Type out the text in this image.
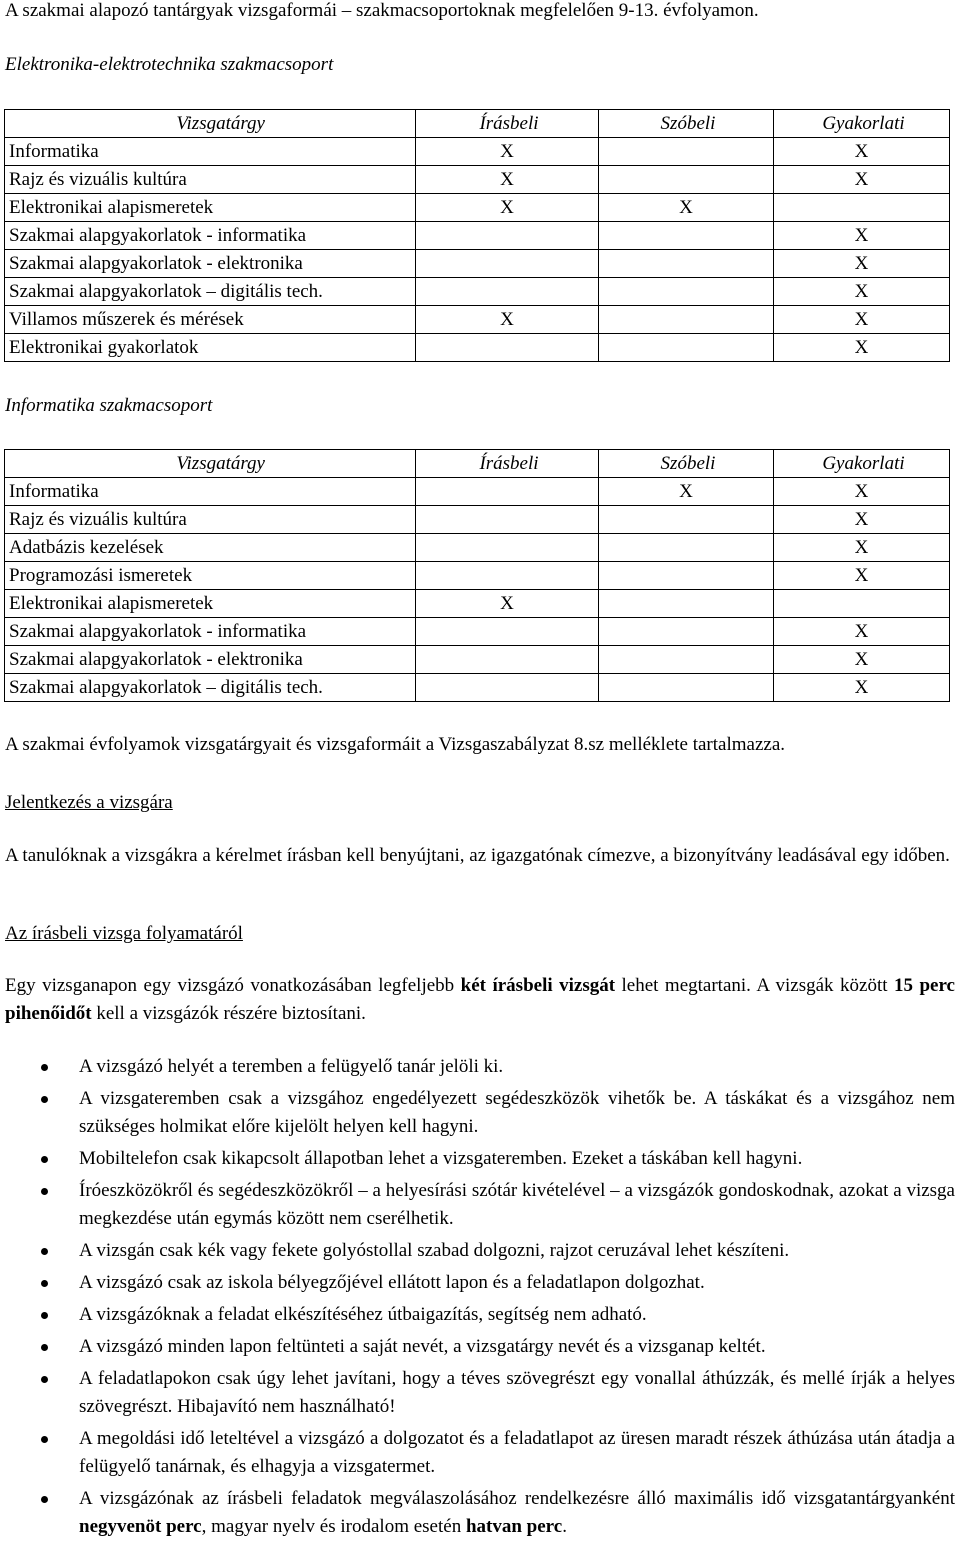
A szakmai alapozó tantárgyak vizsgaformái – szakmacsoportoknak megfelelően 9-13. évfolyamon.
Elektronika-elektrotechnika szakmacsoport
Vizsgatárgy	Írásbeli	Szóbeli	Gyakorlati
Informatika	X		X
Rajz és vizuális kultúra	X		X
Elektronikai alapismeretek	X	X	
Szakmai alapgyakorlatok - informatika			X
Szakmai alapgyakorlatok - elektronika			X
Szakmai alapgyakorlatok – digitális tech.			X
Villamos műszerek és mérések	X		X
Elektronikai gyakorlatok			X
Informatika szakmacsoport
Vizsgatárgy	Írásbeli	Szóbeli	Gyakorlati
Informatika		X	X
Rajz és vizuális kultúra			X
Adatbázis kezelések			X
Programozási ismeretek			X
Elektronikai alapismeretek	X		
Szakmai alapgyakorlatok - informatika			X
Szakmai alapgyakorlatok - elektronika			X
Szakmai alapgyakorlatok – digitális tech.			X
A szakmai évfolyamok vizsgatárgyait és vizsgaformáit a Vizsgaszabályzat 8.sz melléklete tartalmazza.
Jelentkezés a vizsgára
A tanulóknak a vizsgákra a kérelmet írásban kell benyújtani, az igazgatónak címezve, a bizonyítvány leadásával egy időben.
Az írásbeli vizsga folyamatáról
Egy vizsganapon egy vizsgázó vonatkozásában legfeljebb két írásbeli vizsgát lehet megtartani. A vizsgák között 15 perc pihenőidőt kell a vizsgázók részére biztosítani.
A vizsgázó helyét a teremben a felügyelő tanár jelöli ki.
A vizsgateremben csak a vizsgához engedélyezett segédeszközök vihetők be. A táskákat és a vizsgához nem szükséges holmikat előre kijelölt helyen kell hagyni.
Mobiltelefon csak kikapcsolt állapotban lehet a vizsgateremben. Ezeket a táskában kell hagyni.
Íróeszközökről és segédeszközökről – a helyesírási szótár kivételével – a vizsgázók gondoskodnak, azokat a vizsga megkezdése után egymás között nem cserélhetik.
A vizsgán csak kék vagy fekete golyóstollal szabad dolgozni, rajzot ceruzával lehet készíteni.
A vizsgázó csak az iskola bélyegzőjével ellátott lapon és a feladatlapon dolgozhat.
A vizsgázóknak a feladat elkészítéséhez útbaigazítás, segítség nem adható.
A vizsgázó minden lapon feltünteti a saját nevét, a vizsgatárgy nevét és a vizsganap keltét.
A feladatlapokon csak úgy lehet javítani, hogy a téves szövegrészt egy vonallal áthúzzák, és mellé írják a helyes szövegrészt. Hibajavító nem használható!
A megoldási idő leteltével a vizsgázó a dolgozatot és a feladatlapot az üresen maradt részek áthúzása után átadja a felügyelő tanárnak, és elhagyja a vizsgatermet.
A vizsgázónak az írásbeli feladatok megválaszolásához rendelkezésre álló maximális idő vizsgatantárgyanként negyvenöt perc, magyar nyelv és irodalom esetén hatvan perc.
